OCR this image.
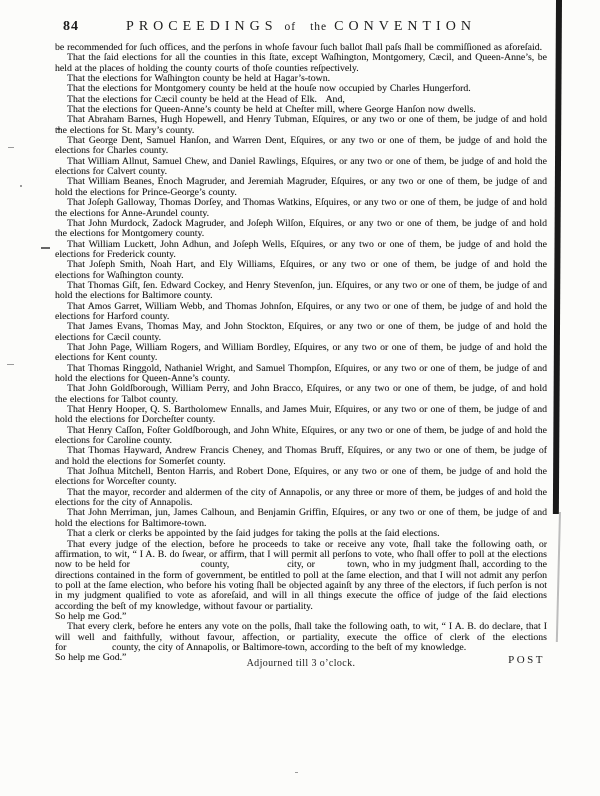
84	PROCEEDINGS of the CONVENTION

be recommended for ſuch offices, and the perſons in whoſe favour ſuch ballot ſhall paſs ſhall be commiſſioned as aforeſaid.

That the ſaid elections for all the counties in this ſtate, except Waſhington, Montgomery, Cæcil, and Queen-Anne’s, be held at the places of holding the county courts of thoſe counties reſpectively.

That the elections for Waſhington county be held at Hagar’s-town.

That the elections for Montgomery county be held at the houſe now occupied by Charles Hungerford.

That the elections for Cæcil county be held at the Head of Elk.   And,

That the elections for Queen-Anne’s county be held at Cheſter mill, where George Hanſon now dwells.

That Abraham Barnes, Hugh Hopewell, and Henry Tubman, Eſquires, or any two or one of them, be judge of and hold the elections for St. Mary’s county.

That George Dent, Samuel Hanſon, and Warren Dent, Eſquires, or any two or one of them, be judge of and hold the elections for Charles county.

That William Allnut, Samuel Chew, and Daniel Rawlings, Eſquires, or any two or one of them, be judge of and hold the elections for Calvert county.

That William Beanes, Enoch Magruder, and Jeremiah Magruder, Eſquires, or any two or one of them, be judge of and hold the elections for Prince-George’s county.

That Joſeph Galloway, Thomas Dorſey, and Thomas Watkins, Eſquires, or any two or one of them, be judge of and hold the elections for Anne-Arundel county.

That John Murdock, Zadock Magruder, and Joſeph Wilſon, Eſquires, or any two or one of them, be judge of and hold the elections for Montgomery county.

That William Luckett, John Adhun, and Joſeph Wells, Eſquires, or any two or one of them, be judge of and hold the elections for Frederick county.

That Joſeph Smith, Noah Hart, and Ely Williams, Eſquires, or any two or one of them, be judge of and hold the elections for Waſhington county.

That Thomas Giſt, ſen. Edward Cockey, and Henry Stevenſon, jun. Eſquires, or any two or one of them, be judge of and hold the elections for Baltimore county.

That Amos Garret, William Webb, and Thomas Johnſon, Eſquires, or any two or one of them, be judge of and hold the elections for Harford county.

That James Evans, Thomas May, and John Stockton, Eſquires, or any two or one of them, be judge of and hold the elections for Cæcil county.

That John Page, William Rogers, and William Bordley, Eſquires, or any two or one of them, be judge of and hold the elections for Kent county.

That Thomas Ringgold, Nathaniel Wright, and Samuel Thompſon, Eſquires, or any two or one of them, be judge of and hold the elections for Queen-Anne’s county.

That John Goldſborough, William Perry, and John Bracco, Eſquires, or any two or one of them, be judge, of and hold the elections for Talbot county.

That Henry Hooper, Q. S. Bartholomew Ennalls, and James Muir, Eſquires, or any two or one of them, be judge of and hold the elections for Dorcheſter county.

That Henry Caſſon, Foſter Goldſborough, and John White, Eſquires, or any two or one of them, be judge of and hold the elections for Caroline county.

That Thomas Hayward, Andrew Francis Cheney, and Thomas Bruff, Eſquires, or any two or one of them, be judge of and hold the elections for Somerſet county.

That Joſhua Mitchell, Benton Harris, and Robert Done, Eſquires, or any two or one of them, be judge of and hold the elections for Worceſter county.

That the mayor, recorder and aldermen of the city of Annapolis, or any three or more of them, be judges of and hold the elections for the city of Annapolis.

That John Merriman, jun, James Calhoun, and Benjamin Griffin, Eſquires, or any two or one of them, be judge of and hold the elections for Baltimore-town.

That a clerk or clerks be appointed by the ſaid judges for taking the polls at the ſaid elections.

That every judge of the election, before he proceeds to take or receive any vote, ſhall take the following oath, or affirmation, to wit, “ I A. B. do ſwear, or affirm, that I will permit all perſons to vote, who ſhall offer to poll at the elections now to be held for                      county,                  city, or          town, who in my judgment ſhall, according to the directions contained in the form of government, be entitled to poll at the ſame election, and that I will not admit any perſon to poll at the ſame election, who before his voting ſhall be objected againſt by any three of the electors, if ſuch perſon is not in my judgment qualified to vote as aforeſaid, and will in all things execute the office of judge of the ſaid elections according the beſt of my knowledge, without favour or partiality.

So help me God.”

That every clerk, before he enters any vote on the polls, ſhall take the following oath, to wit, “ I A. B. do declare, that I will well and faithfully, without favour, affection, or partiality, execute the office of clerk of the elections for                county, the city of Annapolis, or Baltimore-town, according to the beſt of my knowledge.

So help me God.”	Adjourned till 3 o’clock.	POST
